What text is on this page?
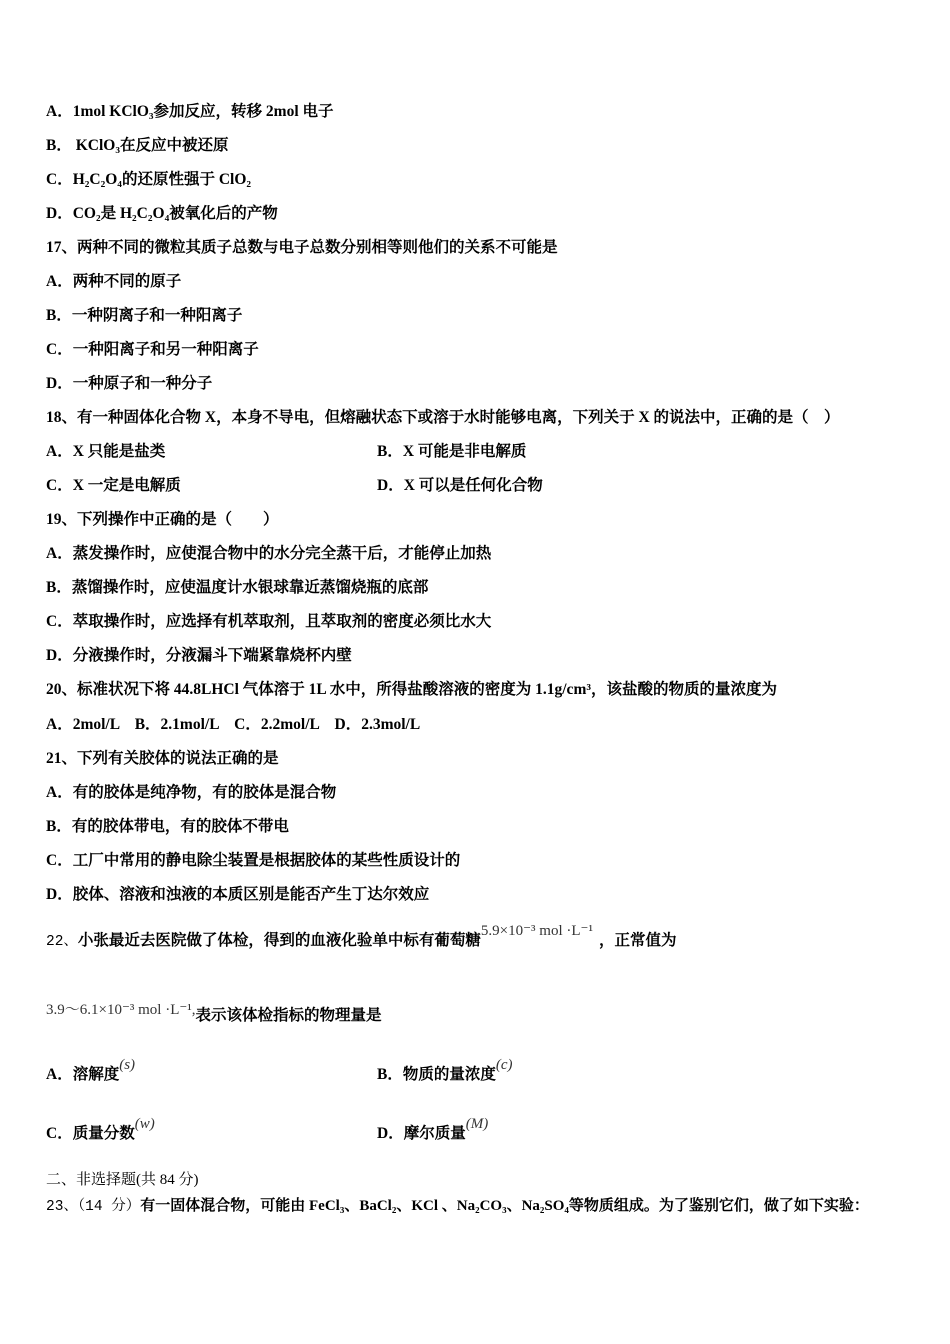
A．1mol KClO₃参加反应，转移 2mol 电子
B． KClO₃在反应中被还原
C．H₂C₂O₄的还原性强于 ClO₂
D．CO₂是 H₂C₂O₄被氧化后的产物
17、两种不同的微粒其质子总数与电子总数分别相等则他们的关系不可能是
A．两种不同的原子
B．一种阴离子和一种阳离子
C．一种阳离子和另一种阳离子
D．一种原子和一种分子
18、有一种固体化合物 X，本身不导电，但熔融状态下或溶于水时能够电离，下列关于 X 的说法中，正确的是（　）
A．X 只能是盐类	B．X 可能是非电解质
C．X 一定是电解质	D．X 可以是任何化合物
19、下列操作中正确的是（　　）
A．蒸发操作时，应使混合物中的水分完全蒸干后，才能停止加热
B．蒸馏操作时，应使温度计水银球靠近蒸馏烧瓶的底部
C．萃取操作时，应选择有机萃取剂，且萃取剂的密度必须比水大
D．分液操作时，分液漏斗下端紧靠烧杯内壁
20、标准状况下将 44.8LHCl 气体溶于 1L 水中，所得盐酸溶液的密度为 1.1g/cm³，该盐酸的物质的量浓度为
A．2mol/L　B．2.1mol/L　C．2.2mol/L　D．2.3mol/L
21、下列有关胶体的说法正确的是
A．有的胶体是纯净物，有的胶体是混合物
B．有的胶体带电，有的胶体不带电
C．工厂中常用的静电除尘装置是根据胶体的某些性质设计的
D．胶体、溶液和浊液的本质区别是能否产生丁达尔效应
22、小张最近去医院做了体检，得到的血液化验单中标有葡萄糖5.9×10⁻³ mol ·L⁻¹，正常值为
3.9～6.1×10⁻³ mol ·L⁻¹,表示该体检指标的物理量是
A．溶解度(s)
B．物质的量浓度(c)
C．质量分数(w)
D．摩尔质量(M)
二、非选择题(共 84 分)
23、（14 分）有一固体混合物，可能由 FeCl₃、BaCl₂、KCl 、Na₂CO₃、Na₂SO₄等物质组成。为了鉴别它们，做了如下实验：
